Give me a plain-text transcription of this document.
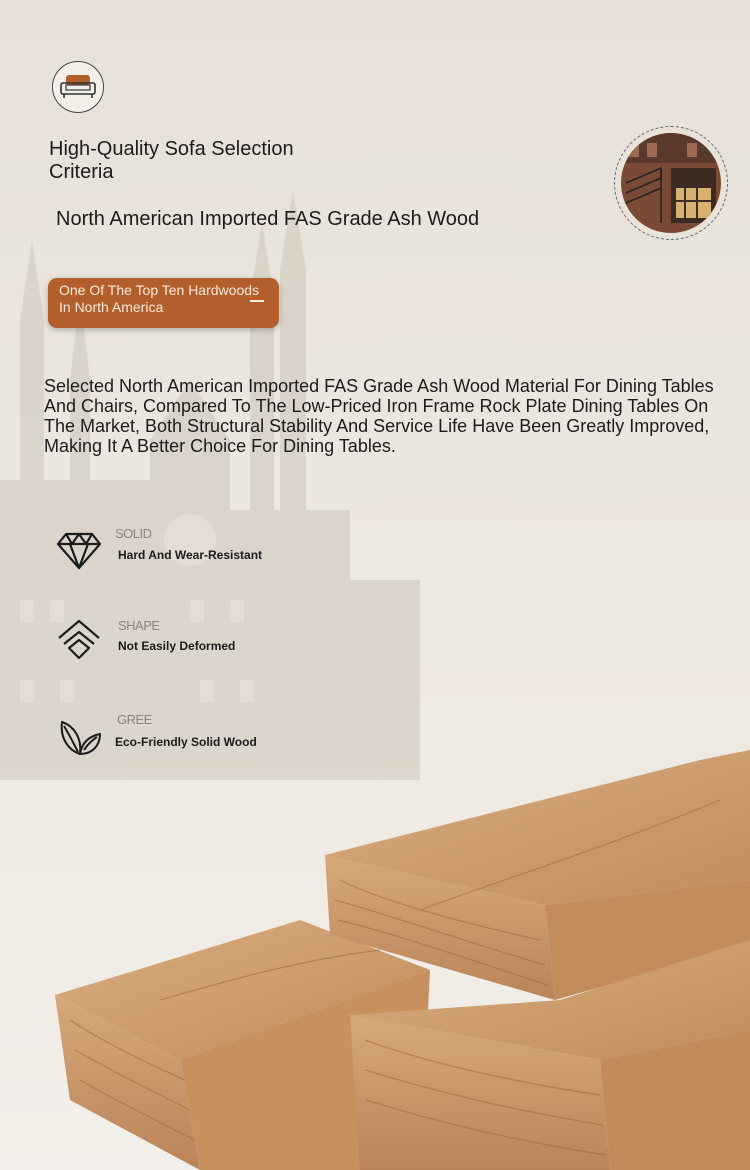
High-Quality Sofa Selection Criteria
North American Imported FAS Grade Ash Wood
One Of The Top Ten Hardwoods In North America
Selected North American Imported FAS Grade Ash Wood Material For Dining Tables And Chairs, Compared To The Low-Priced Iron Frame Rock Plate Dining Tables On The Market, Both Structural Stability And Service Life Have Been Greatly Improved, Making It A Better Choice For Dining Tables.
SOLID
Hard And Wear-Resistant
SHAPE
Not Easily Deformed
GREE
Eco-Friendly Solid Wood
